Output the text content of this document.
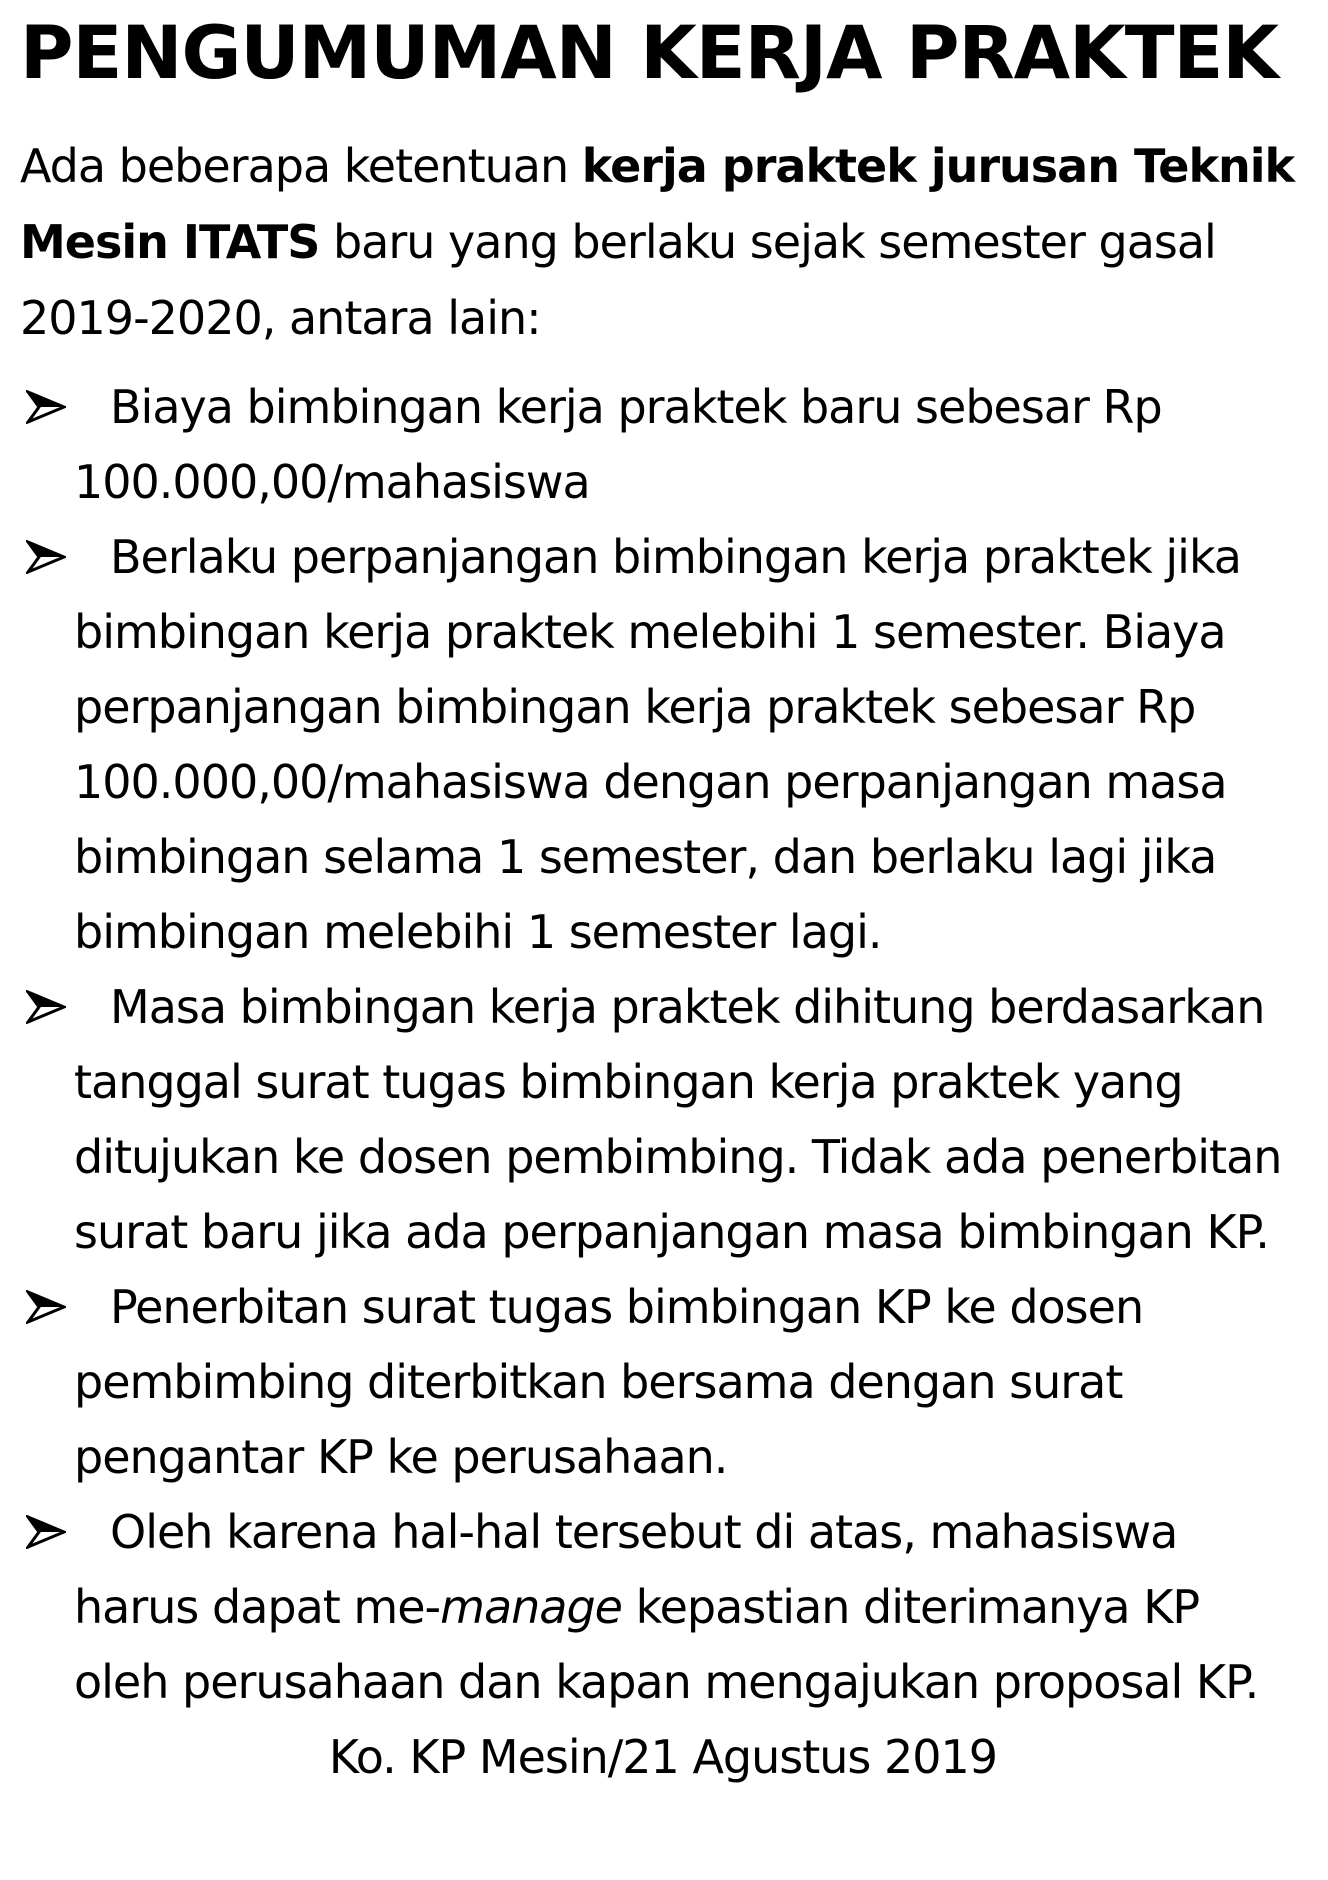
PENGUMUMAN KERJA PRAKTEK

Ada beberapa ketentuan kerja praktek jurusan Teknik Mesin ITATS baru yang berlaku sejak semester gasal 2019-2020, antara lain:

Biaya bimbingan kerja praktek baru sebesar Rp 100.000,00/mahasiswa
Berlaku perpanjangan bimbingan kerja praktek jika bimbingan kerja praktek melebihi 1 semester. Biaya perpanjangan bimbingan kerja praktek sebesar Rp 100.000,00/mahasiswa dengan perpanjangan masa bimbingan selama 1 semester, dan berlaku lagi jika bimbingan melebihi 1 semester lagi.
Masa bimbingan kerja praktek dihitung berdasarkan tanggal surat tugas bimbingan kerja praktek yang ditujukan ke dosen pembimbing. Tidak ada penerbitan surat baru jika ada perpanjangan masa bimbingan KP.
Penerbitan surat tugas bimbingan KP ke dosen pembimbing diterbitkan bersama dengan surat pengantar KP ke perusahaan.
Oleh karena hal-hal tersebut di atas, mahasiswa harus dapat me-manage kepastian diterimanya KP oleh perusahaan dan kapan mengajukan proposal KP.

Ko. KP Mesin/21 Agustus 2019
